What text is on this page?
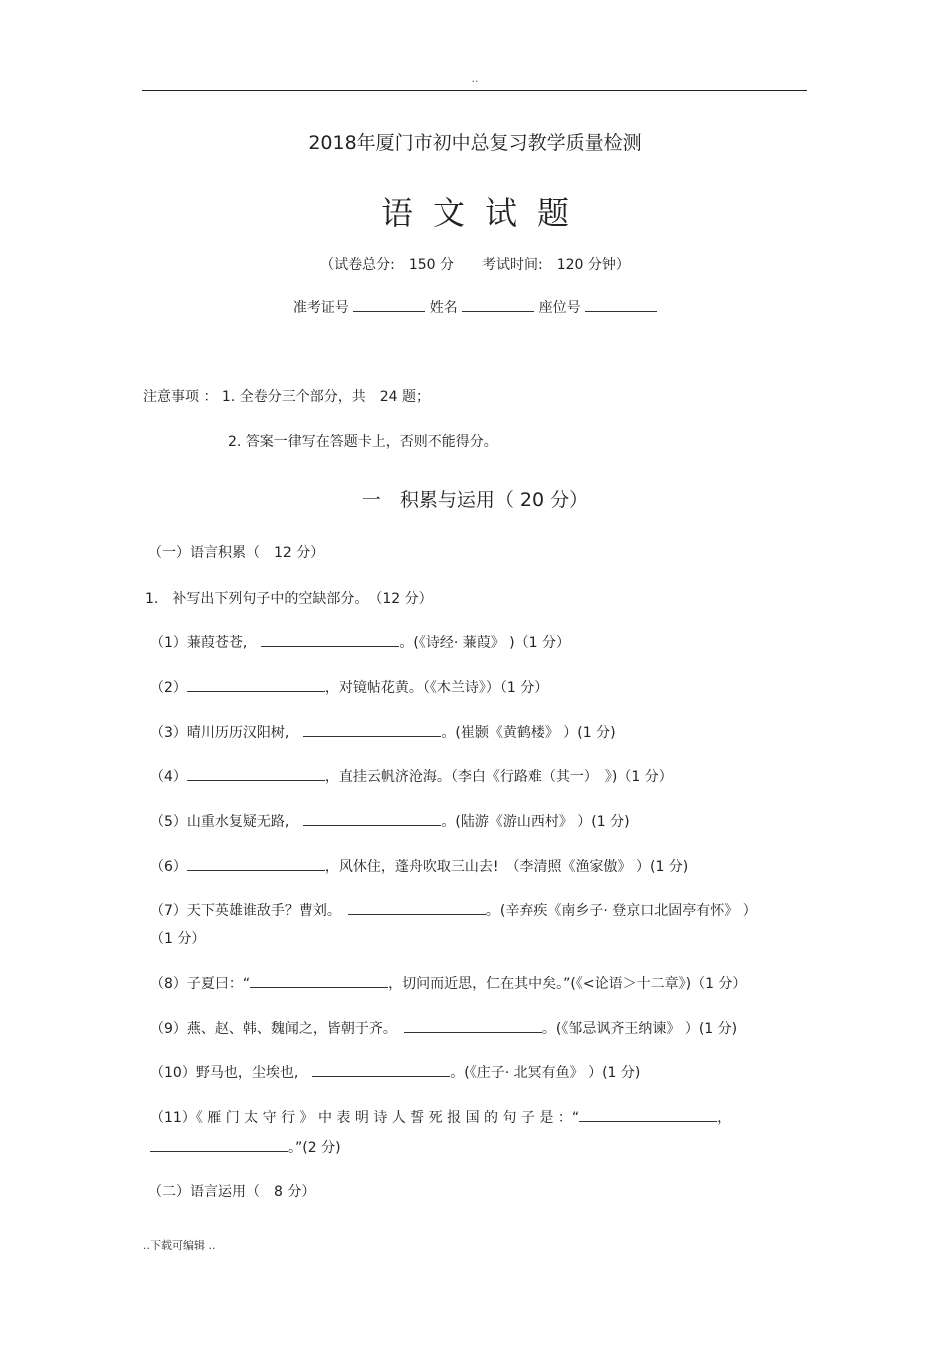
..
2018年厦门市初中总复习教学质量检测
语文试题
（试卷总分:　150 分　　考试时间:　120 分钟）
准考证号	姓名	座位号
注意事项 ： 1. 全卷分三个部分，共　24 题；
2. 答案一律写在答题卡上，否则不能得分。
一　积累与运用（ 20 分）
（一）语言积累（　12 分）
1.　补写出下列句子中的空缺部分。　（12 分）
（1）蒹葭苍苍,　	。(《诗经· 蒹葭》 )（1 分）
（2）	，对镜帖花黄。（《木兰诗》）（1 分）
（3）晴川历历汉阳树,　	。(崔颢《黄鹤楼》 ）(1 分)
（4）	，直挂云帆济沧海。（李白《行路难（其一）　》)（1 分）
（5）山重水复疑无路,　	。(陆游《游山西村》 ）(1 分)
（6）	，风休住，蓬舟吹取三山去!　（李清照《渔家傲》 ）(1 分)
（7）天下英雄谁敌手？曹刘。　	。(辛弃疾《南乡子· 登京口北固亭有怀》 ）
（1 分）
（8）子夏曰：“	，切问而近思，仁在其中矣。”(《<论语＞十二章》)（1 分）
（9）燕、赵、韩、魏闻之，皆朝于齐。　	。(《邹忌讽齐王纳谏》 ）(1 分)
（10）野马也，尘埃也,　	。(《庄子· 北冥有鱼》 ）(1 分)
（11）《 雁 门 太 守 行 》 中 表 明 诗 人 誓 死 报 国 的 句 子 是 ：“	，
。”(2 分)
（二）语言运用（　8 分）
..下载可编辑 ..
